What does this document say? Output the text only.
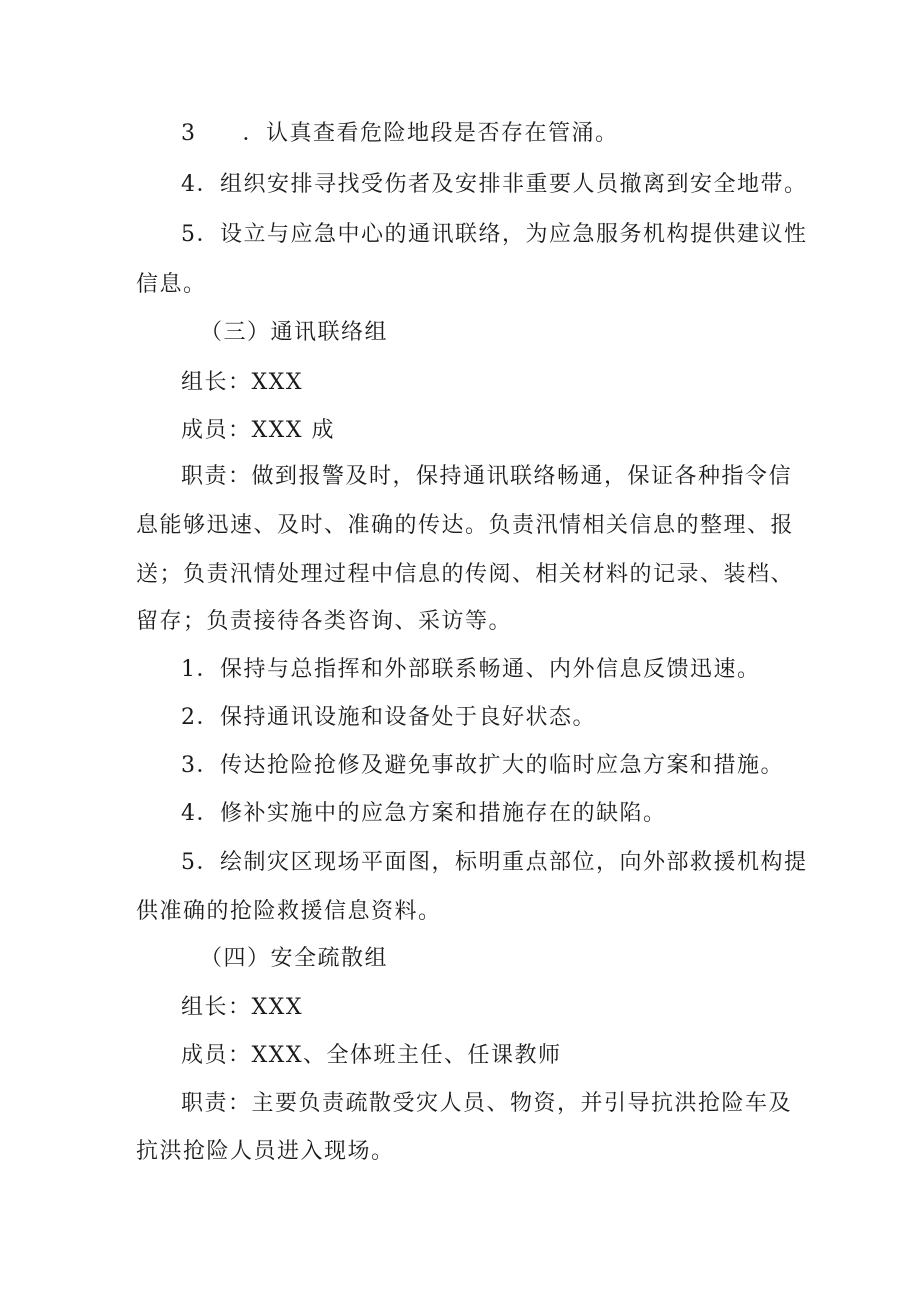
3 ．认真查看危险地段是否存在管涌。
4．组织安排寻找受伤者及安排非重要人员撤离到安全地带。
5．设立与应急中心的通讯联络，为应急服务机构提供建议性
信息。
（三）通讯联络组
组长：XXX
成员：XXX 成
职责：做到报警及时，保持通讯联络畅通，保证各种指令信
息能够迅速、及时、准确的传达。负责汛情相关信息的整理、报
送；负责汛情处理过程中信息的传阅、相关材料的记录、装档、
留存；负责接待各类咨询、采访等。
1．保持与总指挥和外部联系畅通、内外信息反馈迅速。
2．保持通讯设施和设备处于良好状态。
3．传达抢险抢修及避免事故扩大的临时应急方案和措施。
4．修补实施中的应急方案和措施存在的缺陷。
5．绘制灾区现场平面图，标明重点部位，向外部救援机构提
供准确的抢险救援信息资料。
（四）安全疏散组
组长：XXX
成员：XXX、全体班主任、任课教师
职责：主要负责疏散受灾人员、物资，并引导抗洪抢险车及
抗洪抢险人员进入现场。
